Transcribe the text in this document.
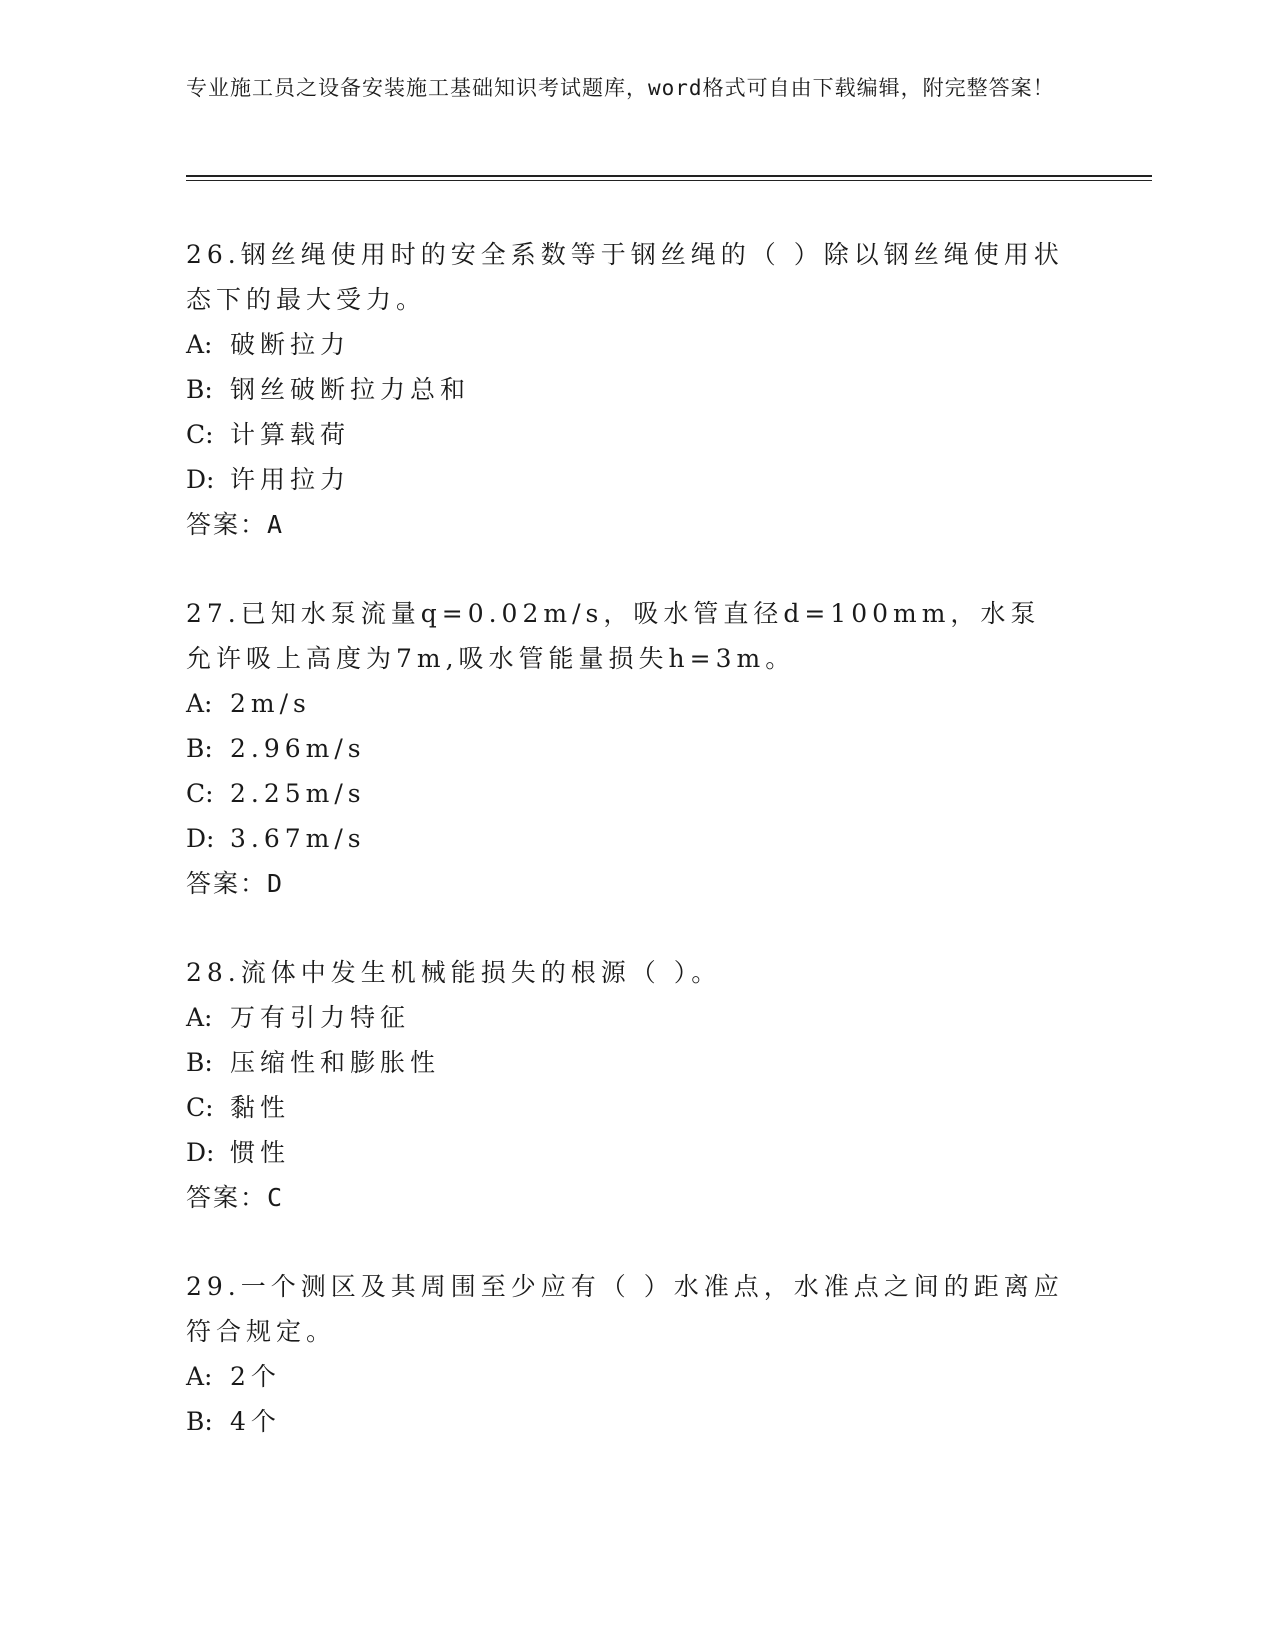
专业施工员之设备安装施工基础知识考试题库，word格式可自由下载编辑，附完整答案！

26.钢丝绳使用时的安全系数等于钢丝绳的（ ）除以钢丝绳使用状态下的最大受力。

A: 破断拉力

B: 钢丝破断拉力总和

C: 计算载荷

D: 许用拉力

答案：A

27.已知水泵流量q=0.02m/s，吸水管直径d=100mm，水泵允许吸上高度为7m,吸水管能量损失h=3m。

A: 2m/s

B: 2.96m/s

C: 2.25m/s

D: 3.67m/s

答案：D

28.流体中发生机械能损失的根源（ ）。

A: 万有引力特征

B: 压缩性和膨胀性

C: 黏性

D: 惯性

答案：C

29.一个测区及其周围至少应有（ ）水准点，水准点之间的距离应符合规定。

A: 2个

B: 4个
